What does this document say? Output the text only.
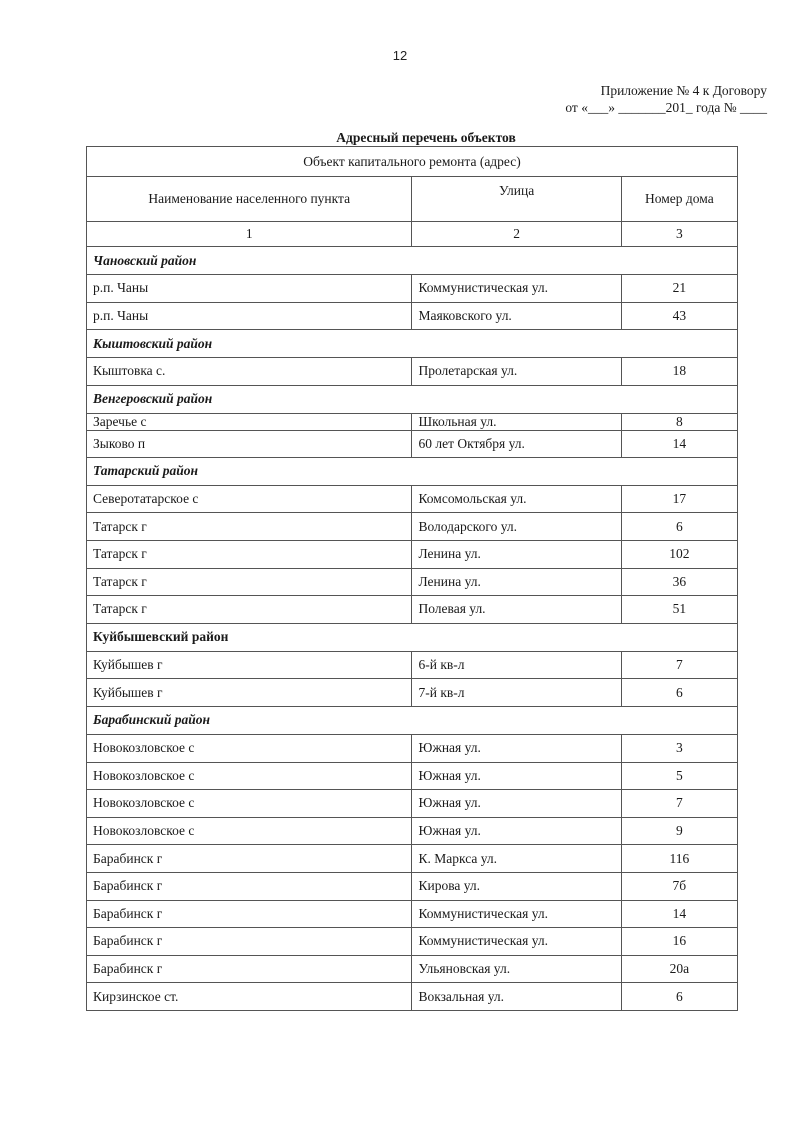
12
Приложение № 4 к Договору
от «___» _______201_ года № ____
Адресный перечень объектов
Объект капитального ремонта (адрес)		
Наименование населенного пункта	Улица	Номер дома
1	2	3
Чановский район		
р.п. Чаны	Коммунистическая ул.	21
р.п. Чаны	Маяковского ул.	43
Кыштовский район		
Кыштовка с.	Пролетарская ул.	18
Венгеровский район		
Заречье с	Школьная ул.	8
Зыково п	60 лет Октября ул.	14
Татарский район		
Северотатарское с	Комсомольская ул.	17
Татарск г	Володарского ул.	6
Татарск г	Ленина ул.	102
Татарск г	Ленина ул.	36
Татарск г	Полевая ул.	51
Куйбышевский район		
Куйбышев г	6-й кв-л	7
Куйбышев г	7-й кв-л	6
Барабинский район		
Новокозловское с	Южная ул.	3
Новокозловское с	Южная ул.	5
Новокозловское с	Южная ул.	7
Новокозловское с	Южная ул.	9
Барабинск г	К. Маркса ул.	116
Барабинск г	Кирова ул.	7б
Барабинск г	Коммунистическая ул.	14
Барабинск г	Коммунистическая ул.	16
Барабинск г	Ульяновская ул.	20а
Кирзинское ст.	Вокзальная ул.	6
